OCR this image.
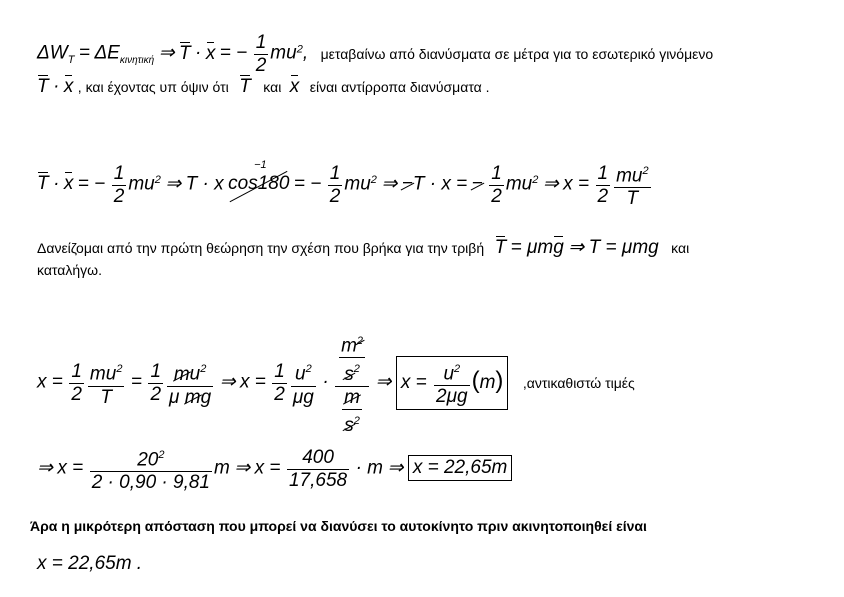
$\Delta W_T = \Delta E_{\kappa\iota\nu\eta\tau\iota\kappa ή}$ ⇒ T · x = − $\frac{1}{2} mu^2$, μεταβαίνω από διανύσματα σε μέτρα για το εσωτερικό γινόμενο
T · x , και έχοντας υπ όψιν ότι T και x είναι αντίρροπα διανύσματα .
T · x = − $\frac{1}{2} mu^2$ ⇒ T · x
−1
cos180 = − $\frac{1}{2} mu^2$ ⇒ −T · x = − $\frac{1}{2} mu^2$ ⇒ $x = \frac{1}{2} \frac{mu^2}{T}$
Δανείζομαι από την πρώτη θεώρηση την σχέση που βρήκα για την τριβή T = μmg ⇒ T = μmg και
καταλήγω.
$x = \frac{1}{2} \frac{mu^2}{T} = \frac{1}{2} \frac{mu^2}{\text{μ mg}}$ ⇒ $x = \frac{1}{2} \frac{u^2}{\mu g} \cdot \frac{\frac{m^2}{s^2}}{\frac{m}{s^2}}$ ⇒ $x = \frac{u^2}{2\mu g} (m)$ ,αντικαθιστώ τιμές
⇒ $x = \frac{20^2}{2 \cdot 0,90 \cdot 9,81}$ m ⇒ $x = \frac{400}{17,658} \cdot m$ ⇒ x = 22,65m
Άρα η μικρότερη απόσταση που μπορεί να διανύσει το αυτοκίνητο πριν ακινητοποιηθεί είναι
x = 22,65m .
